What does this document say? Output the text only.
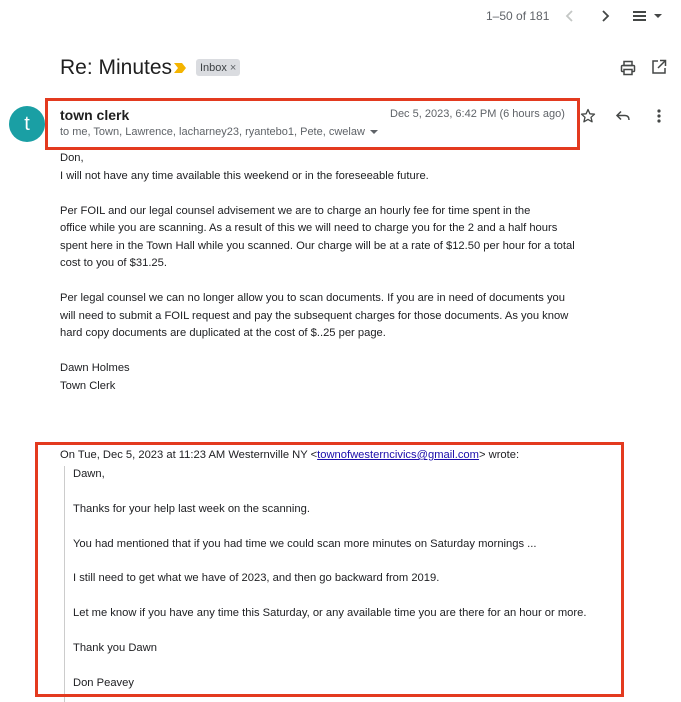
1–50 of 181
Re: Minutes	Inbox ×
t	town clerk
to me, Town, Lawrence, lacharney23, ryantebo1, Pete, cwelaw
Dec 5, 2023, 6:42 PM (6 hours ago)

Don,

I will not have any time available this weekend or in the foreseeable future.

Per FOIL and our legal counsel advisement we are to charge an hourly fee for time spent in the

office while you are scanning. As a result of this we will need to charge you for the 2 and a half hours

spent here in the Town Hall while you scanned. Our charge will be at a rate of $12.50 per hour for a total

cost to you of $31.25.

Per legal counsel we can no longer allow you to scan documents. If you are in need of documents you

will need to submit a FOIL request and pay the subsequent charges for those documents. As you know

hard copy documents are duplicated at the cost of $..25 per page.

Dawn Holmes

Town Clerk

On Tue, Dec 5, 2023 at 11:23 AM Westernville NY <townofwesterncivics@gmail.com> wrote:

Dawn,

Thanks for your help last week on the scanning.

You had mentioned that if you had time we could scan more minutes on Saturday mornings ...

I still need to get what we have of 2023, and then go backward from 2019.

Let me know if you have any time this Saturday, or any available time you are there for an hour or more.

Thank you Dawn

Don Peavey
